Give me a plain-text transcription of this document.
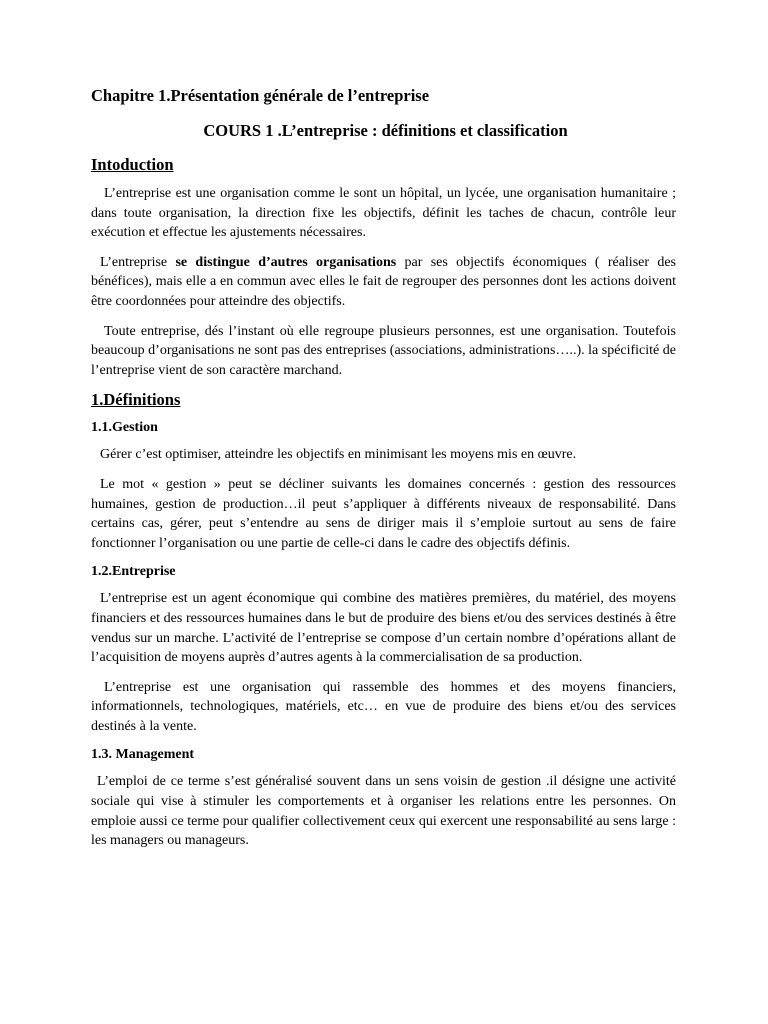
Chapitre 1.Présentation générale de l’entreprise
COURS 1 .L’entreprise : définitions et classification
Intoduction

L’entreprise est une organisation comme le sont un hôpital, un lycée, une organisation humanitaire ; dans toute organisation, la direction fixe les objectifs, définit les taches de chacun, contrôle leur exécution et effectue les ajustements nécessaires.

L’entreprise se distingue d’autres organisations par ses objectifs économiques ( réaliser des bénéfices), mais elle a en commun avec elles le fait de regrouper des personnes dont les actions doivent être coordonnées pour atteindre des objectifs.

Toute entreprise, dés l’instant où elle regroupe plusieurs personnes, est une organisation. Toutefois beaucoup d’organisations ne sont pas des entreprises (associations, administrations…..). la spécificité de l’entreprise vient de son caractère marchand.

1.Définitions
1.1.Gestion

Gérer c’est optimiser, atteindre les objectifs en minimisant les moyens mis en œuvre.

Le mot « gestion » peut se décliner suivants les domaines concernés : gestion des ressources humaines, gestion de production…il peut s’appliquer à différents niveaux de responsabilité. Dans certains cas, gérer, peut s’entendre au sens de diriger mais il s’emploie surtout au sens de faire fonctionner l’organisation ou une partie de celle-ci dans le cadre des objectifs définis.

1.2.Entreprise

L’entreprise est un agent économique qui combine des matières premières, du matériel, des moyens financiers et des ressources humaines dans le but de produire des biens et/ou des services destinés à être vendus sur un marche. L’activité de l’entreprise se compose d’un certain nombre d’opérations allant de l’acquisition de moyens auprès d’autres agents à la commercialisation de sa production.

L’entreprise est une organisation qui rassemble des hommes et des moyens financiers, informationnels, technologiques, matériels, etc… en vue de produire des biens et/ou des services destinés à la vente.

1.3. Management

L’emploi de ce terme s’est généralisé souvent dans un sens voisin de gestion .il désigne une activité sociale qui vise à stimuler les comportements et à organiser les relations entre les personnes. On emploie aussi ce terme pour qualifier collectivement ceux qui exercent une responsabilité au sens large : les managers ou manageurs.
